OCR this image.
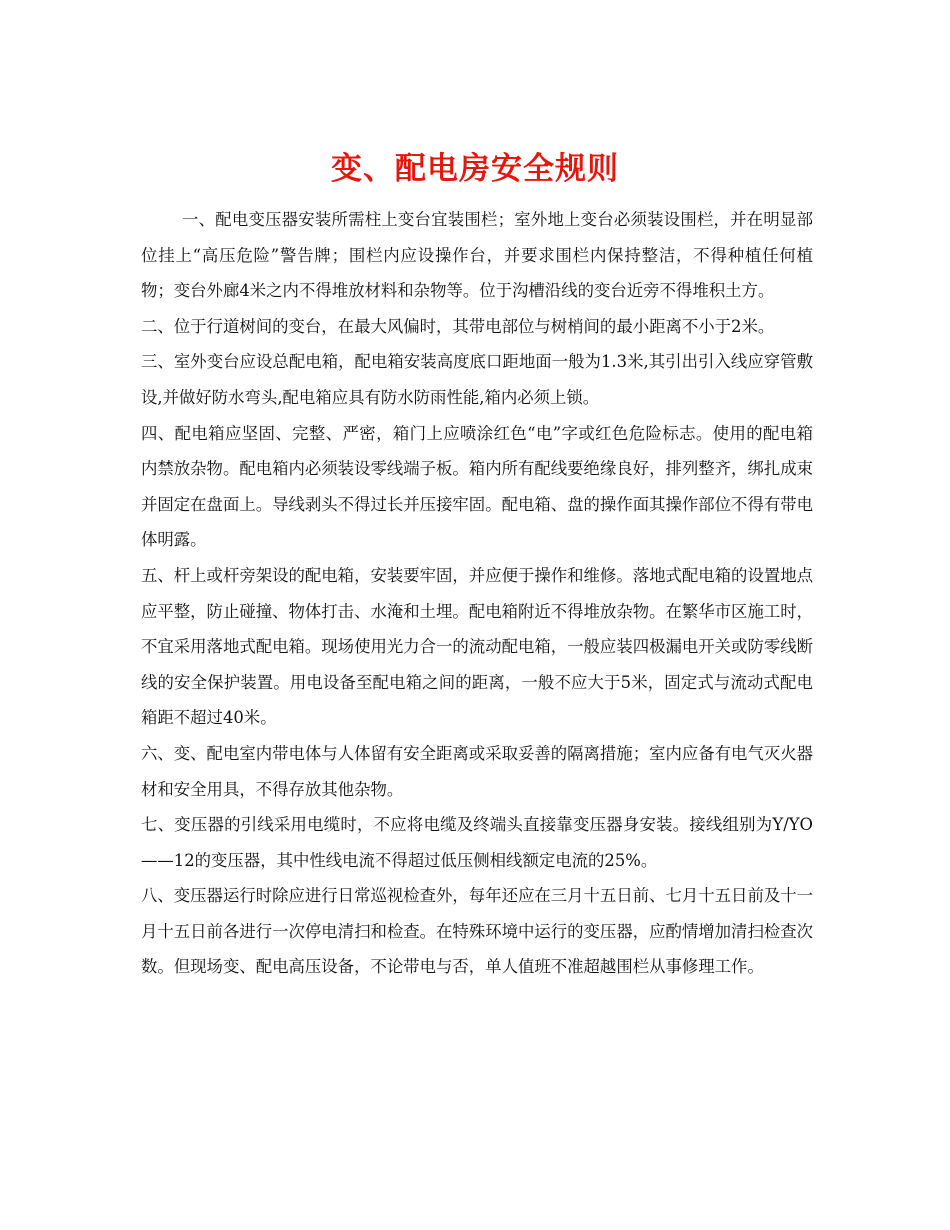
变、配电房安全规则

一、配电变压器安装所需柱上变台宜装围栏；室外地上变台必须装设围栏，并在明显部位挂上“高压危险”警告牌；围栏内应设操作台，并要求围栏内保持整洁，不得种植任何植物；变台外廊4米之内不得堆放材料和杂物等。位于沟槽沿线的变台近旁不得堆积土方。

二、位于行道树间的变台，在最大风偏时，其带电部位与树梢间的最小距离不小于2米。

三、室外变台应设总配电箱，配电箱安装高度底口距地面一般为1.3米,其引出引入线应穿管敷设,并做好防水弯头,配电箱应具有防水防雨性能,箱内必须上锁。

四、配电箱应坚固、完整、严密，箱门上应喷涂红色“电”字或红色危险标志。使用的配电箱内禁放杂物。配电箱内必须装设零线端子板。箱内所有配线要绝缘良好，排列整齐，绑扎成束并固定在盘面上。导线剥头不得过长并压接牢固。配电箱、盘的操作面其操作部位不得有带电体明露。

五、杆上或杆旁架设的配电箱，安装要牢固，并应便于操作和维修。落地式配电箱的设置地点应平整，防止碰撞、物体打击、水淹和土埋。配电箱附近不得堆放杂物。在繁华市区施工时，不宜采用落地式配电箱。现场使用光力合一的流动配电箱，一般应装四极漏电开关或防零线断线的安全保护装置。用电设备至配电箱之间的距离，一般不应大于5米，固定式与流动式配电箱距不超过40米。

六、变、配电室内带电体与人体留有安全距离或采取妥善的隔离措施；室内应备有电气灭火器材和安全用具，不得存放其他杂物。

七、变压器的引线采用电缆时，不应将电缆及终端头直接靠变压器身安装。接线组别为Y/YO——12的变压器，其中性线电流不得超过低压侧相线额定电流的25%。

八、变压器运行时除应进行日常巡视检查外，每年还应在三月十五日前、七月十五日前及十一月十五日前各进行一次停电清扫和检查。在特殊环境中运行的变压器，应酌情增加清扫检查次数。但现场变、配电高压设备，不论带电与否，单人值班不准超越围栏从事修理工作。
